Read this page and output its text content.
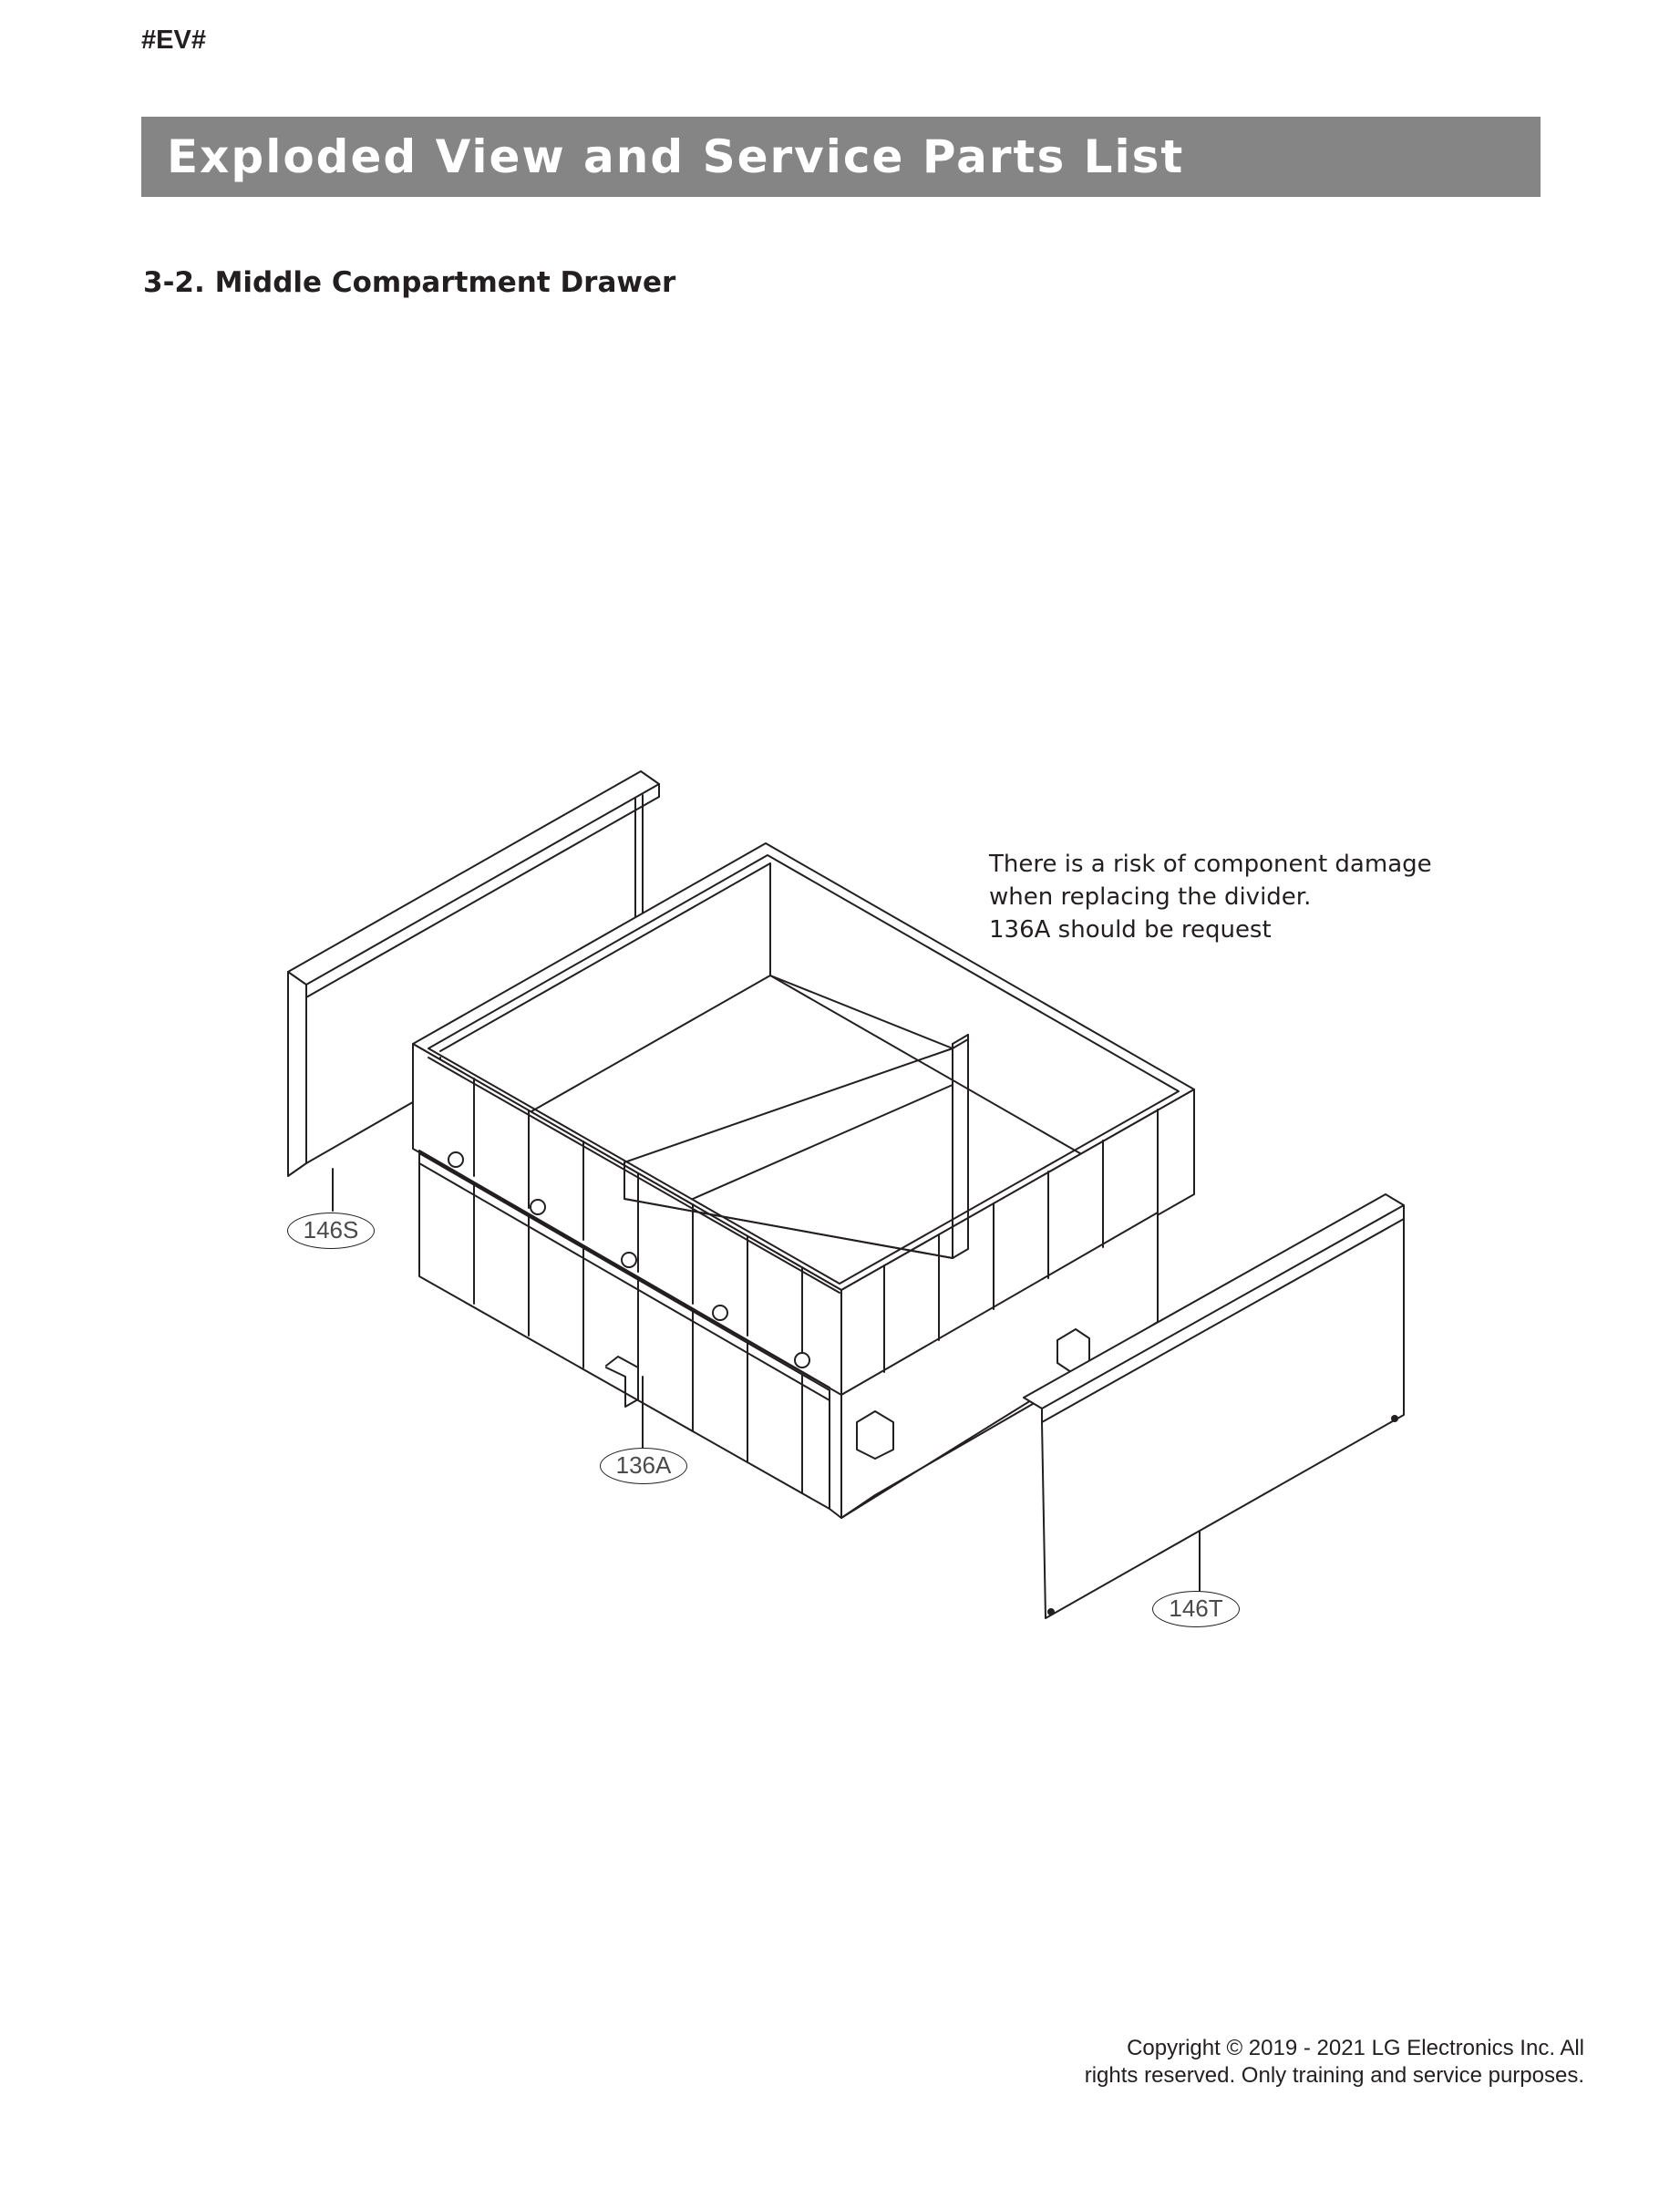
#EV#
Exploded View and Service Parts List
3-2. Middle Compartment Drawer
There is a risk of component damage
when replacing the divider.
136A should be request
146S
136A
146T
Copyright © 2019 - 2021 LG Electronics Inc. All
rights reserved. Only training and service purposes.
